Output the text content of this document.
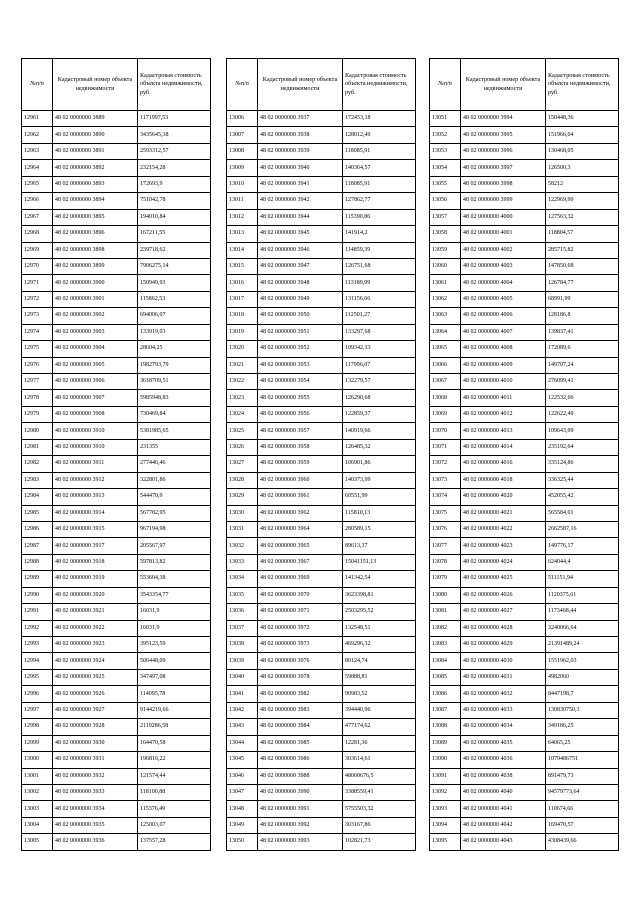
№п/п	Кадастровый номер объекта недвижимости	Кадастровая стоимость объекта недвижимости, руб.
12961	48 02 0000000 3889	1171997,53
12962	48 02 0000000 3890	3435645,38
12963	48 02 0000000 3891	2593312,57
12964	48 02 0000000 3892	232154,28
12965	48 02 0000000 3893	172693,9
12966	48 02 0000000 3894	751042,78
12967	48 02 0000000 3895	194010,84
12968	48 02 0000000 3896	167211,55
12969	48 02 0000000 3898	239718,62
12970	48 02 0000000 3899	7906275,14
12971	48 02 0000000 3900	150949,93
12972	48 02 0000000 3901	115862,53
12973	48 02 0000000 3902	694006,07
12974	48 02 0000000 3903	133919,03
12975	48 02 0000000 3904	28604,25
12976	48 02 0000000 3905	1982793,79
12977	48 02 0000000 3906	3618709,51
12978	48 02 0000000 3907	5985948,83
12979	48 02 0000000 3908	730469,84
12980	48 02 0000000 3910	5381985,65
12981	48 02 0000000 3910	231355
12982	48 02 0000000 3911	277446,46
12983	48 02 0000000 3912	322801,86
12984	48 02 0000000 3913	544470,9
12985	48 02 0000000 3914	567782,95
12986	48 02 0000000 3915	967194,98
12987	48 02 0000000 3917	205567,97
12988	48 02 0000000 3918	597813,82
12989	48 02 0000000 3919	553604,38
12990	48 02 0000000 3920	3543354,77
12991	48 02 0000000 3921	16031,9
12992	48 02 0000000 3922	16031,9
12993	48 02 0000000 3923	395123,59
12994	48 02 0000000 3924	506448,09
12995	48 02 0000000 3925	347497,08
12996	48 02 0000000 3926	114095,78
12997	48 02 0000000 3927	9144219,66
12998	48 02 0000000 3928	2119286,58
12999	48 02 0000000 3930	164470,58
13000	48 02 0000000 3931	196816,22
13001	48 02 0000000 3932	121574,44
13002	48 02 0000000 3933	118100,88
13003	48 02 0000000 3934	115376,49
13004	48 02 0000000 3935	125003,07
13005	48 02 0000000 3936	137557,28
№п/п	Кадастровый номер объекта недвижимости	Кадастровая стоимость объекта недвижимости, руб.
13006	48 02 0000000 3937	172453,18
13007	48 02 0000000 3938	128012,49
13008	48 02 0000000 3939	118085,91
13009	48 02 0000000 3940	140364,57
13010	48 02 0000000 3941	118085,91
13011	48 02 0000000 3942	127862,77
13012	48 02 0000000 3944	115390,86
13013	48 02 0000000 3945	141914,2
13014	48 02 0000000 3946	114859,39
13015	48 02 0000000 3947	126751,68
13016	48 02 0000000 3948	113189,99
13017	48 02 0000000 3949	131156,66
13018	48 02 0000000 3950	112501,27
13019	48 02 0000000 3951	133297,68
13020	48 02 0000000 3952	109342,13
13021	48 02 0000000 3953	117996,07
13022	48 02 0000000 3954	132279,57
13023	48 02 0000000 3955	126290,68
13024	48 02 0000000 3956	122859,37
13025	48 02 0000000 3957	140919,66
13026	48 02 0000000 3958	126485,32
13027	48 02 0000000 3959	106901,86
13028	48 02 0000000 3960	140373,99
13029	48 02 0000000 3961	60551,99
13030	48 02 0000000 3962	115810,13
13031	48 02 0000000 3964	280589,15
13032	48 02 0000000 3965	89613,37
13033	48 02 0000000 3967	15041151,13
13034	48 02 0000000 3969	141342,54
13035	48 02 0000000 3970	3623398,81
13036	48 02 0000000 3971	2503295,52
13037	48 02 0000000 3972	132548,51
13038	48 02 0000000 3973	469296,32
13039	48 02 0000000 3976	80124,74
13040	48 02 0000000 3978	59888,81
13041	48 02 0000000 3982	90983,52
13042	48 02 0000000 3983	394440,96
13043	48 02 0000000 3984	477174,62
13044	48 02 0000000 3985	12281,36
13045	48 02 0000000 3986	303614,61
13046	48 02 0000000 3988	48000676,5
13047	48 02 0000000 3990	3388559,41
13048	48 02 0000000 3991	5755503,32
13049	48 02 0000000 3992	303167,86
13050	48 02 0000000 3993	102821,73
№п/п	Кадастровый номер объекта недвижимости	Кадастровая стоимость объекта недвижимости, руб.
13051	48 02 0000000 3994	150448,36
13052	48 02 0000000 3995	151966,04
13053	48 02 0000000 3996	130468,05
13054	48 02 0000000 3997	126500,3
13055	48 02 0000000 3998	58212
13056	48 02 0000000 3999	122969,99
13057	48 02 0000000 4000	127563,32
13058	48 02 0000000 4001	118804,57
13059	48 02 0000000 4002	285715,82
13060	48 02 0000000 4003	147850,68
13061	48 02 0000000 4004	126784,77
13062	48 02 0000000 4005	68991,99
13063	48 02 0000000 4006	128186,8
13064	48 02 0000000 4007	139837,41
13065	48 02 0000000 4008	172089,6
13066	48 02 0000000 4009	149707,24
13067	48 02 0000000 4010	276099,41
13068	48 02 0000000 4011	122532,66
13069	48 02 0000000 4012	122622,49
13070	48 02 0000000 4013	109643,99
13071	48 02 0000000 4014	235192,64
13072	48 02 0000000 4016	335124,86
13073	48 02 0000000 4018	336325,44
13074	48 02 0000000 4020	452055,42
13075	48 02 0000000 4021	565584,01
13076	48 02 0000000 4022	2662587,16
13077	48 02 0000000 4023	149776,17
13078	48 02 0000000 4024	624044,4
13079	48 02 0000000 4025	511151,94
13080	48 02 0000000 4026	1120375,61
13081	48 02 0000000 4027	1173468,44
13082	48 02 0000000 4028	3240066,64
13083	48 02 0000000 4029	21391489,24
13084	48 02 0000000 4030	1551962,03
13085	48 02 0000000 4031	4982060
13086	48 02 0000000 4032	8447198,7
13087	48 02 0000000 4033	130830750,3
13088	48 02 0000000 4034	349186,25
13089	48 02 0000000 4035	64065,25
13090	48 02 0000000 4036	1079486751
13091	48 02 0000000 4038	891479,73
13092	48 02 0000000 4040	94579773,64
13093	48 02 0000000 4041	110674,66
13094	48 02 0000000 4042	169470,57
13095	48 02 0000000 4043	4308439,66
